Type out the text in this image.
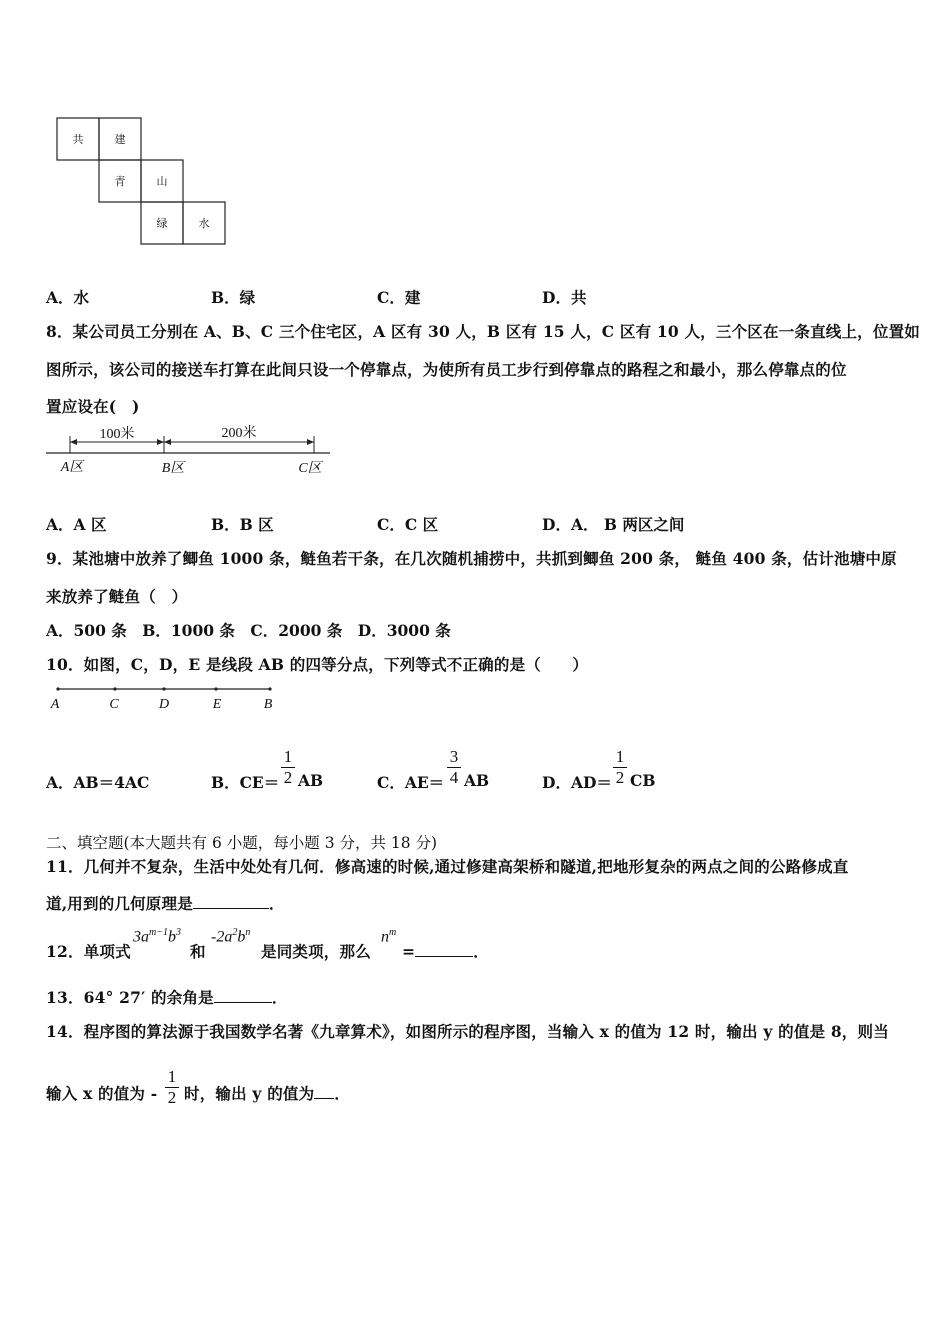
共	建
青	山
绿	水
A．水	B．绿	C．建	D．共
8．某公司员工分别在 A、B、C 三个住宅区，A 区有 30 人，B 区有 15 人，C 区有 10 人，三个区在一条直线上，位置如
图所示，该公司的接送车打算在此间只设一个停靠点，为使所有员工步行到停靠点的路程之和最小，那么停靠点的位
置应设在(　)
100米	200米
A区	B区	C区
A．A 区	B．B 区	C．C 区	D．A． B 两区之间
9．某池塘中放养了鲫鱼 1000 条，鲢鱼若干条，在几次随机捕捞中，共抓到鲫鱼 200 条， 鲢鱼 400 条，估计池塘中原
来放养了鲢鱼（　）
A．500 条　B．1000 条　C．2000 条　D．3000 条
10．如图，C，D，E 是线段 AB 的四等分点，下列等式不正确的是（　　）
A	C	D	E	B
A．AB＝4AC	B．CE＝
1
2 AB	C．AE＝
3
4 AB	D．AD＝
1
2 CB
二、填空题(本大题共有 6 小题，每小题 3 分，共 18 分)
11．几何并不复杂，生活中处处有几何．修高速的时候,通过修建高架桥和隧道,把地形复杂的两点之间的公路修成直
道,用到的几何原理是	．
12．单项式
$3a^{m-1}b^3$
和
$-2a^2b^n$
是同类项，那么
$n^m$
=	．
13．64° 27′ 的余角是	．
14．程序图的算法源于我国数学名著《九章算术》，如图所示的程序图，当输入 x 的值为 12 时，输出 y 的值是 8，则当
输入 x 的值为 -
1
2 时，输出 y 的值为 ．
